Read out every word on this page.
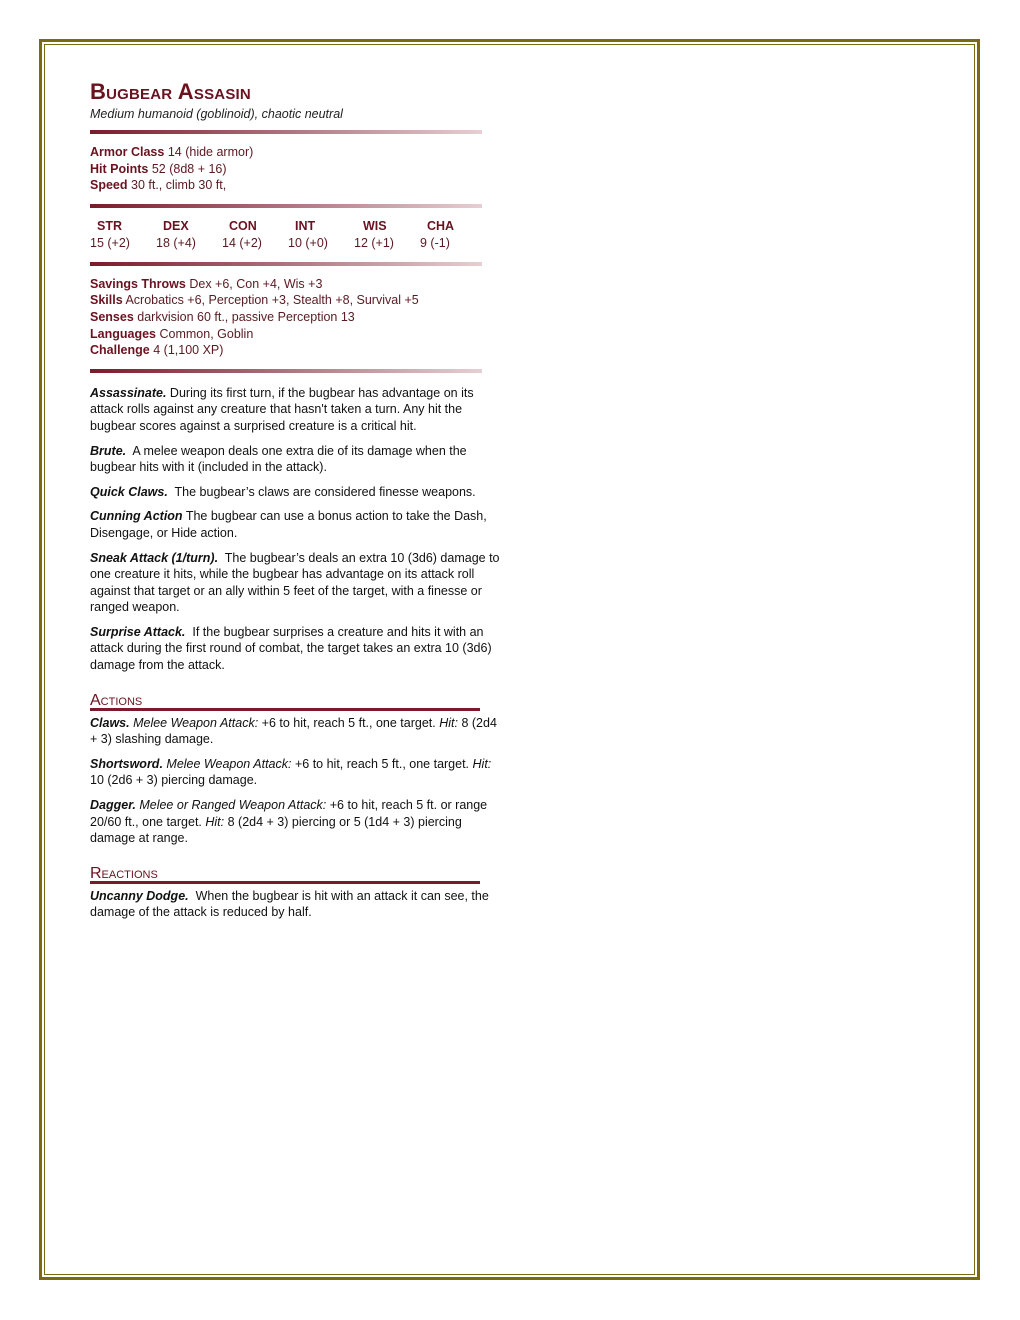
Bugbear Assasin
Medium humanoid (goblinoid), chaotic neutral
Armor Class 14 (hide armor)
Hit Points 52 (8d8 + 16)
Speed 30 ft., climb 30 ft,
STR	DEX	CON	INT	WIS	CHA
15 (+2)	18 (+4)	14 (+2)	10 (+0)	12 (+1)	9 (-1)
Savings Throws Dex +6, Con +4, Wis +3
Skills Acrobatics +6, Perception +3, Stealth +8, Survival +5
Senses darkvision 60 ft., passive Perception 13
Languages Common, Goblin
Challenge 4 (1,100 XP)

Assassinate. During its first turn, if the bugbear has advantage on its attack rolls against any creature that hasn't taken a turn. Any hit the bugbear scores against a surprised creature is a critical hit.

Brute. A melee weapon deals one extra die of its damage when the bugbear hits with it (included in the attack).

Quick Claws. The bugbear’s claws are considered finesse weapons.

Cunning Action The bugbear can use a bonus action to take the Dash, Disengage, or Hide action.

Sneak Attack (1/turn). The bugbear’s deals an extra 10 (3d6) damage to one creature it hits, while the bugbear has advantage on its attack roll against that target or an ally within 5 feet of the target, with a finesse or ranged weapon.

Surprise Attack. If the bugbear surprises a creature and hits it with an attack during the first round of combat, the target takes an extra 10 (3d6) damage from the attack.

Actions

Claws. Melee Weapon Attack: +6 to hit, reach 5 ft., one target. Hit: 8 (2d4 + 3) slashing damage.

Shortsword. Melee Weapon Attack: +6 to hit, reach 5 ft., one target. Hit: 10 (2d6 + 3) piercing damage.

Dagger. Melee or Ranged Weapon Attack: +6 to hit, reach 5 ft. or range 20/60 ft., one target. Hit: 8 (2d4 + 3) piercing or 5 (1d4 + 3) piercing damage at range.

Reactions

Uncanny Dodge. When the bugbear is hit with an attack it can see, the damage of the attack is reduced by half.
